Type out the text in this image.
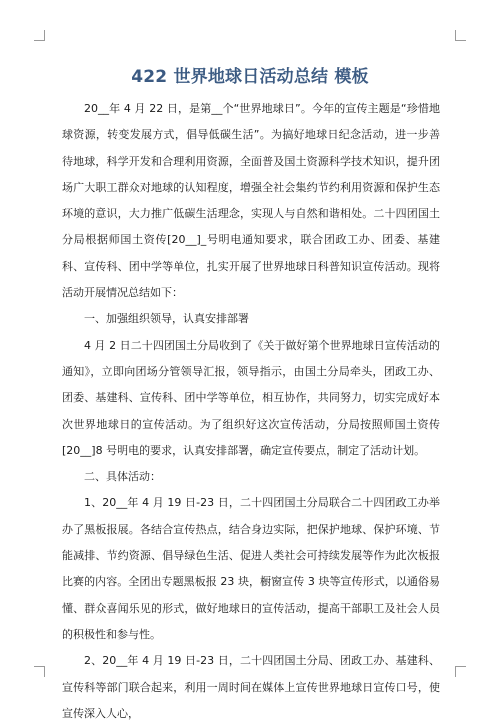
422 世界地球日活动总结 模板

20__年 4 月 22 日，是第__个“世界地球日”。今年的宣传主题是“珍惜地球资源，转变发展方式，倡导低碳生活”。为搞好地球日纪念活动，进一步善待地球，科学开发和合理利用资源，全面普及国土资源科学技术知识，提升团场广大职工群众对地球的认知程度，增强全社会集约节约利用资源和保护生态环境的意识，大力推广低碳生活理念，实现人与自然和谐相处。二十四团国土分局根据师国土资传[20__]_号明电通知要求，联合团政工办、团委、基建科、宣传科、团中学等单位，扎实开展了世界地球日科普知识宣传活动。现将活动开展情况总结如下：

一、加强组织领导，认真安排部署

4 月 2 日二十四团国土分局收到了《关于做好第个世界地球日宣传活动的通知》，立即向团场分管领导汇报，领导指示，由国土分局牵头，团政工办、团委、基建科、宣传科、团中学等单位，相互协作，共同努力，切实完成好本次世界地球日的宣传活动。为了组织好这次宣传活动，分局按照师国土资传[20__]8 号明电的要求，认真安排部署，确定宣传要点，制定了活动计划。

二、具体活动：

1、20__年 4 月 19 日-23 日，二十四团国土分局联合二十四团政工办举办了黑板报展。各结合宣传热点，结合身边实际，把保护地球、保护环境、节能减排、节约资源、倡导绿色生活、促进人类社会可持续发展等作为此次板报比赛的内容。全团出专题黑板报 23 块，橱窗宣传 3 块等宣传形式，以通俗易懂、群众喜闻乐见的形式，做好地球日的宣传活动，提高干部职工及社会人员的积极性和参与性。

2、20__年 4 月 19 日-23 日，二十四团国土分局、团政工办、基建科、宣传科等部门联合起来，利用一周时间在媒体上宣传世界地球日宣传口号，使宣传深入人心，
